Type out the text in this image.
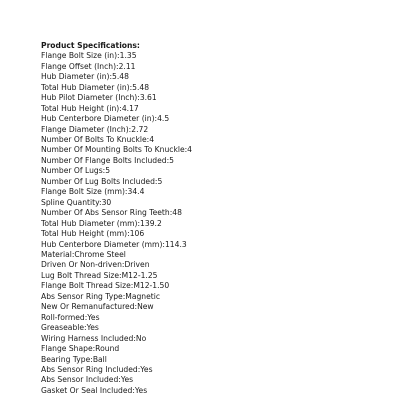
Product Specifications:
Flange Bolt Size (in):1.35
Flange Offset (Inch):2.11
Hub Diameter (in):5.48
Total Hub Diameter (in):5.48
Hub Pilot Diameter (Inch):3.61
Total Hub Height (in):4.17
Hub Centerbore Diameter (in):4.5
Flange Diameter (Inch):2.72
Number Of Bolts To Knuckle:4
Number Of Mounting Bolts To Knuckle:4
Number Of Flange Bolts Included:5
Number Of Lugs:5
Number Of Lug Bolts Included:5
Flange Bolt Size (mm):34.4
Spline Quantity:30
Number Of Abs Sensor Ring Teeth:48
Total Hub Diameter (mm):139.2
Total Hub Height (mm):106
Hub Centerbore Diameter (mm):114.3
Material:Chrome Steel
Driven Or Non-driven:Driven
Lug Bolt Thread Size:M12-1.25
Flange Bolt Thread Size:M12-1.50
Abs Sensor Ring Type:Magnetic
New Or Remanufactured:New
Roll-formed:Yes
Greaseable:Yes
Wiring Harness Included:No
Flange Shape:Round
Bearing Type:Ball
Abs Sensor Ring Included:Yes
Abs Sensor Included:Yes
Gasket Or Seal Included:Yes
